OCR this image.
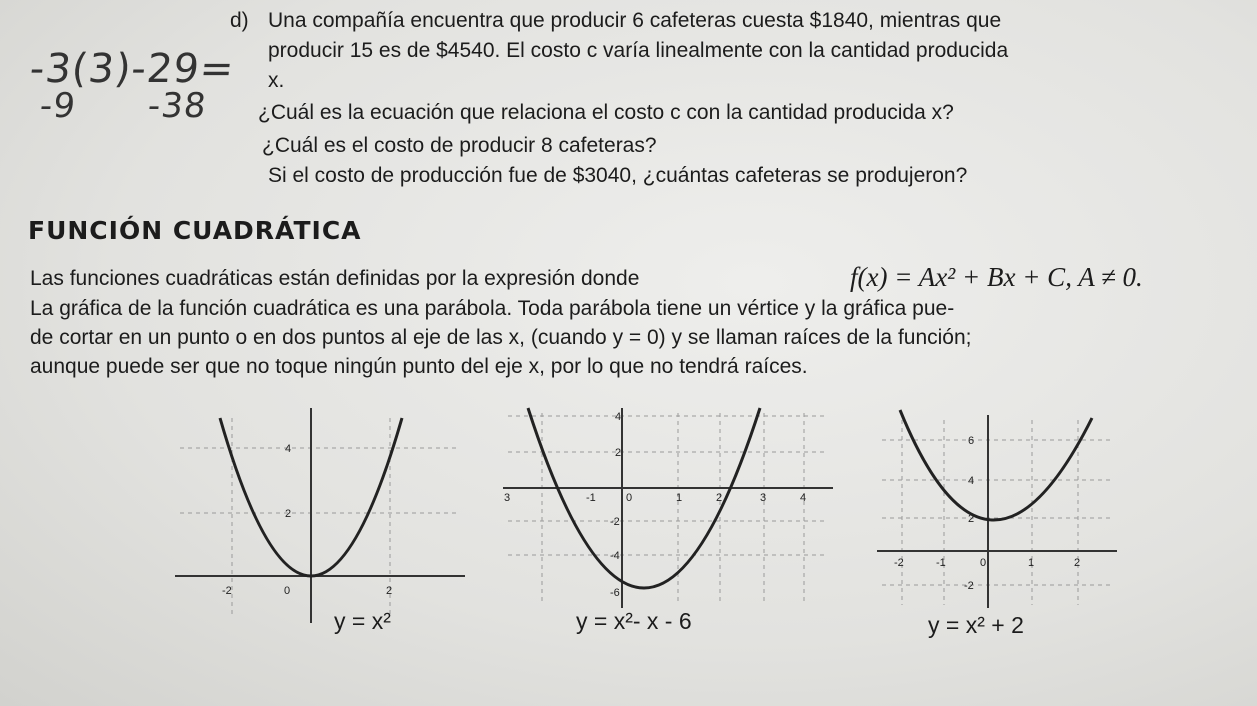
-3(3)-29=
-9 -38
d) Una compañía encuentra que producir 6 cafeteras cuesta $1840, mientras que
producir 15 es de $4540. El costo c varía linealmente con la cantidad producida
x.
¿Cuál es la ecuación que relaciona el costo c con la cantidad producida x?
¿Cuál es el costo de producir 8 cafeteras?
Si el costo de producción fue de $3040, ¿cuántas cafeteras se produjeron?
FUNCIÓN CUADRÁTICA
Las funciones cuadráticas están definidas por la expresión donde	f(x) = Ax² + Bx + C, A ≠ 0.
La gráfica de la función cuadrática es una parábola. Toda parábola tiene un vértice y la gráfica pue-
de cortar en un punto o en dos puntos al eje de las x, (cuando y = 0) y se llaman raíces de la función;
aunque puede ser que no toque ningún punto del eje x, por lo que no tendrá raíces.
4
2
-2	0	2
y = x²
4
2
-2
-4
-6
3	-1	0	1	2	3	4
y = x²- x - 6
6
4
2
-2
-2	-1	0	1	2
y = x² + 2
